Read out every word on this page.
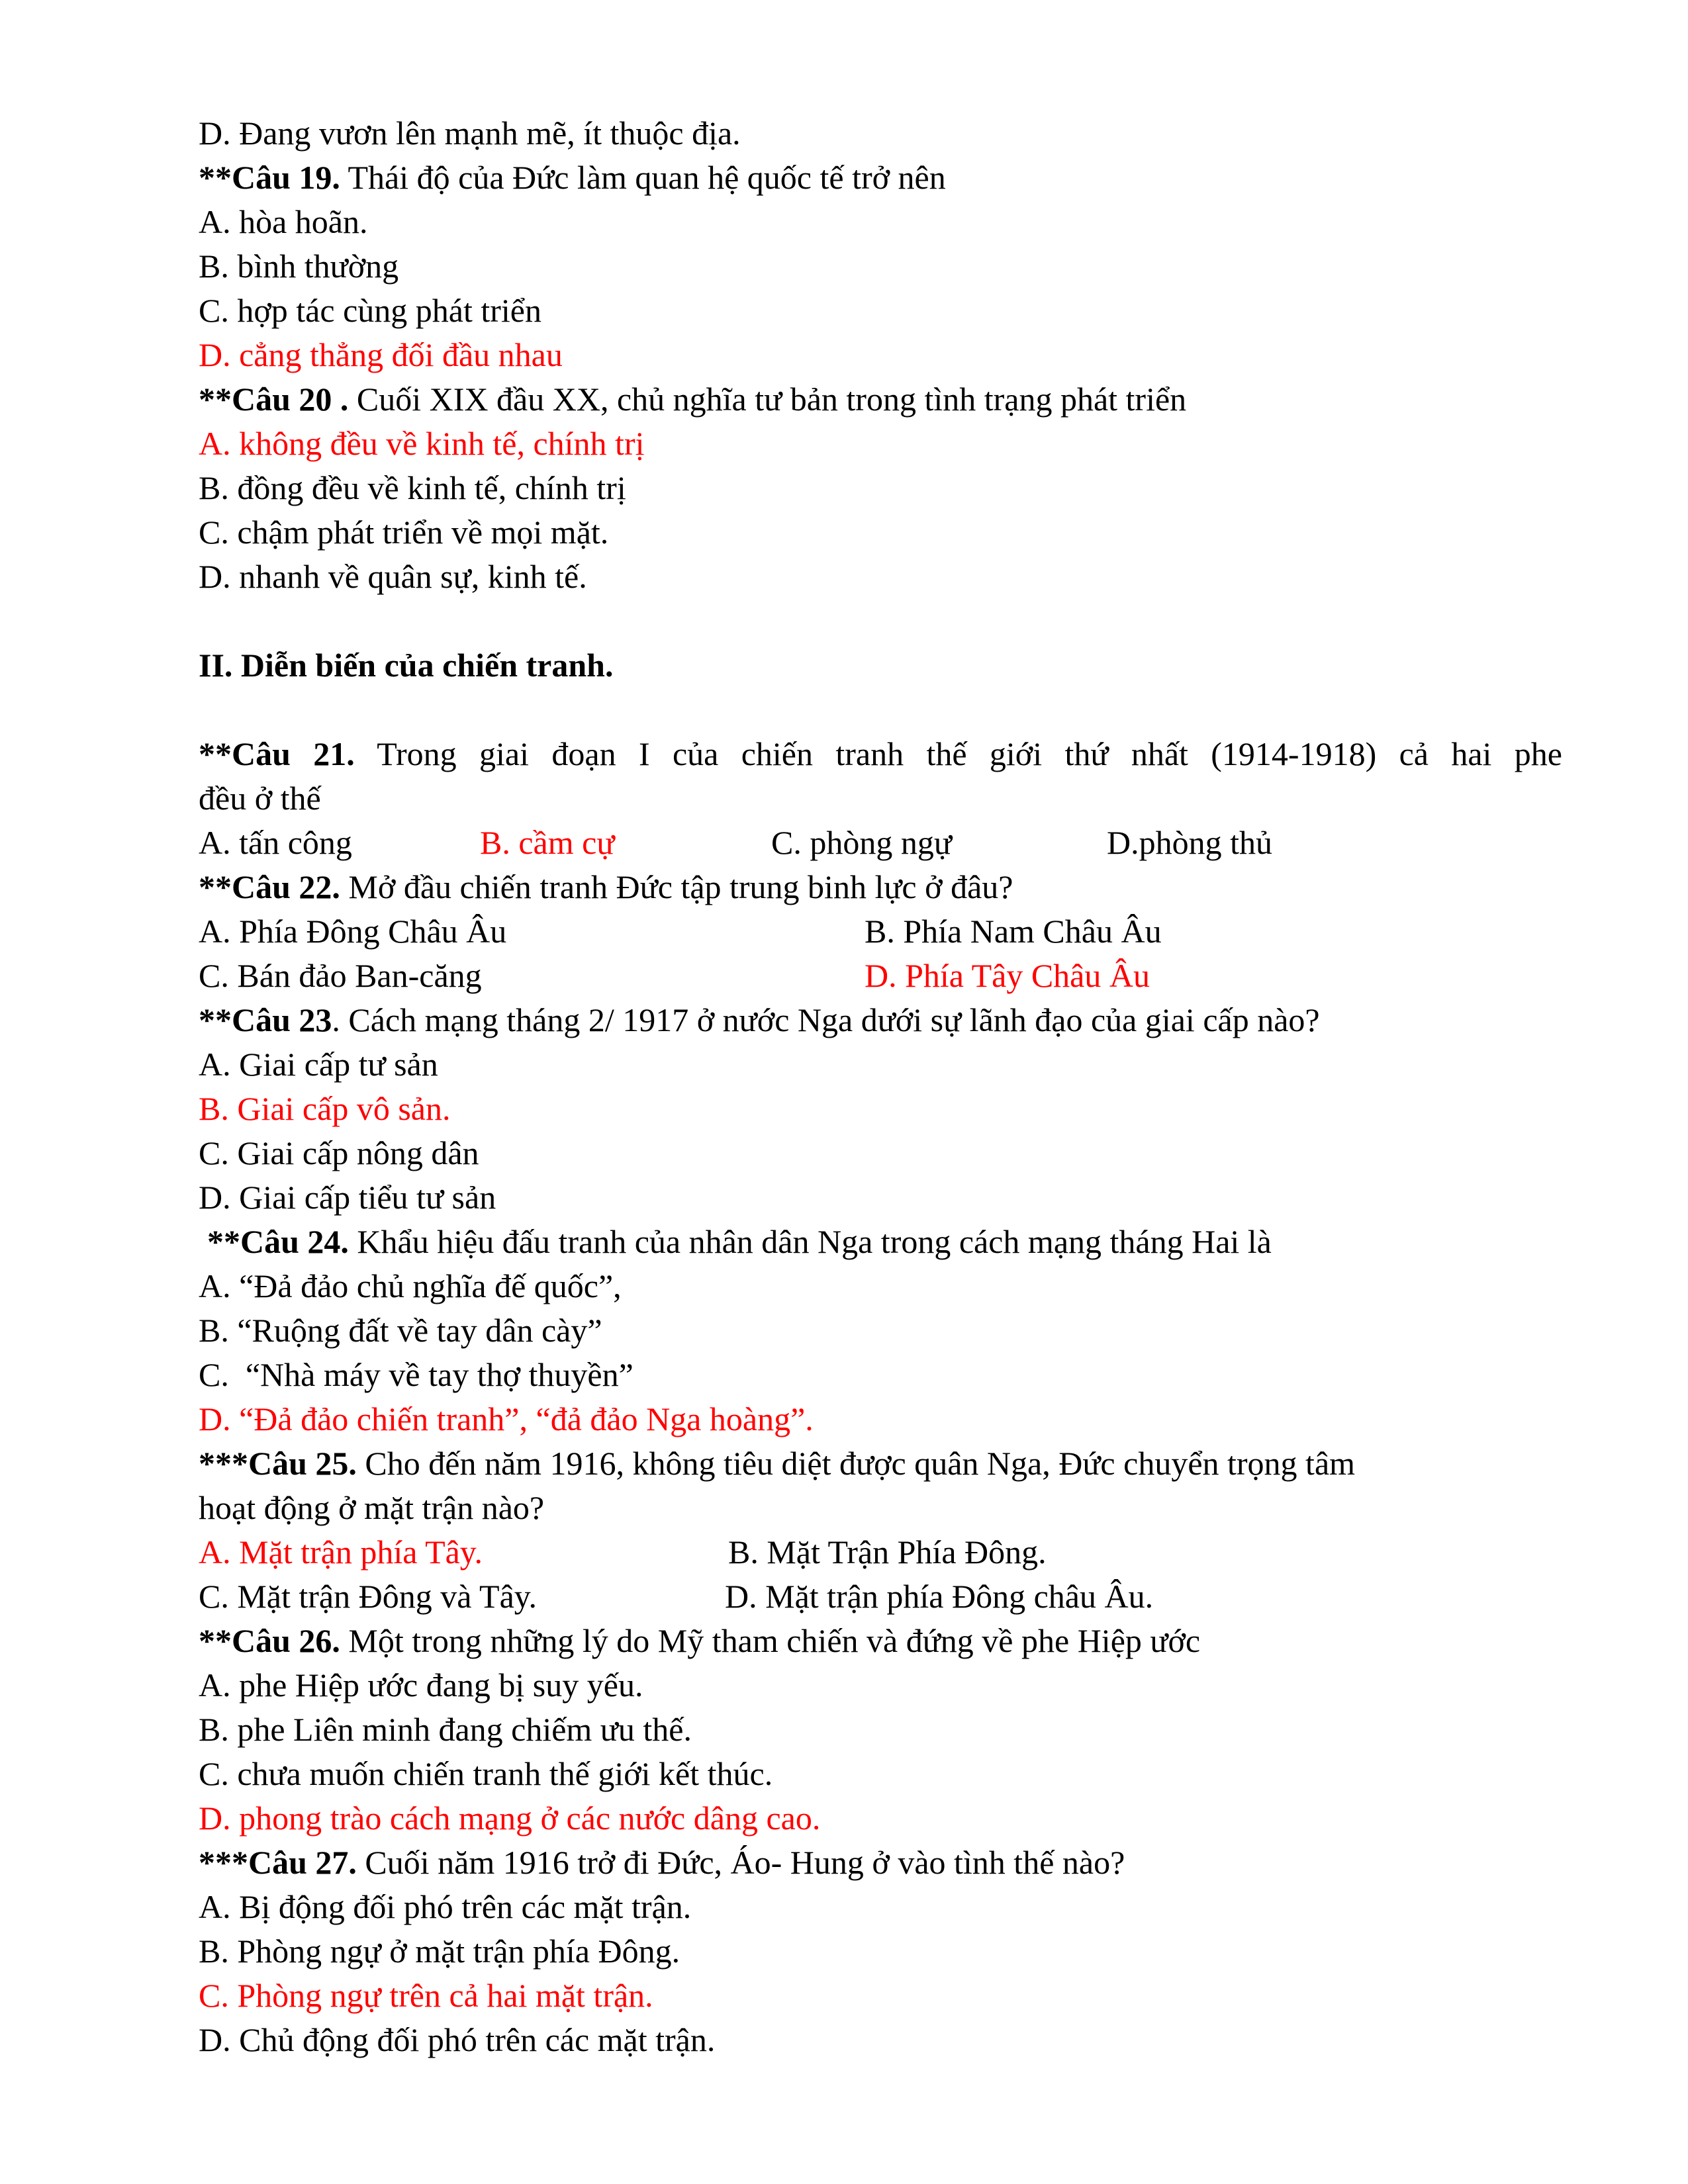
D. Đang vươn lên mạnh mẽ, ít thuộc địa.
**Câu 19. Thái độ của Đức làm quan hệ quốc tế trở nên
A. hòa hoãn.
B. bình thường
C. hợp tác cùng phát triển
D. cẳng thẳng đối đầu nhau
**Câu 20 . Cuối XIX đầu XX, chủ nghĩa tư bản trong tình trạng phát triển
A. không đều về kinh tế, chính trị
B. đồng đều về kinh tế, chính trị
C. chậm phát triển về mọi mặt.
D. nhanh về quân sự, kinh tế.
II. Diễn biến của chiến tranh.
**Câu 21. Trong giai đoạn I của chiến tranh thế giới thứ nhất (1914-1918) cả hai phe
đều ở thế
A. tấn công	B. cầm cự	C. phòng ngự	D.phòng thủ
**Câu 22. Mở đầu chiến tranh Đức tập trung binh lực ở đâu?
A. Phía Đông Châu Âu	B. Phía Nam Châu Âu
C. Bán đảo Ban-căng	D. Phía Tây Châu Âu
**Câu 23. Cách mạng tháng 2/ 1917 ở nước Nga dưới sự lãnh đạo của giai cấp nào?
A. Giai cấp tư sản
B. Giai cấp vô sản.
C. Giai cấp nông dân
D. Giai cấp tiểu tư sản
**Câu 24. Khẩu hiệu đấu tranh của nhân dân Nga trong cách mạng tháng Hai là
A. “Đả đảo chủ nghĩa đế quốc”,
B. “Ruộng đất về tay dân cày”
C.  “Nhà máy về tay thợ thuyền”
D. “Đả đảo chiến tranh”, “đả đảo Nga hoàng”.
***Câu 25. Cho đến năm 1916, không tiêu diệt được quân Nga, Đức chuyển trọng tâm
hoạt động ở mặt trận nào?
A. Mặt trận phía Tây.	B. Mặt Trận Phía Đông.
C. Mặt trận Đông và Tây.	D. Mặt trận phía Đông châu Âu.
**Câu 26. Một trong những lý do Mỹ tham chiến và đứng về phe Hiệp ước
A. phe Hiệp ước đang bị suy yếu.
B. phe Liên minh đang chiếm ưu thế.
C. chưa muốn chiến tranh thế giới kết thúc.
D. phong trào cách mạng ở các nước dâng cao.
***Câu 27. Cuối năm 1916 trở đi Đức, Áo- Hung ở vào tình thế nào?
A. Bị động đối phó trên các mặt trận.
B. Phòng ngự ở mặt trận phía Đông.
C. Phòng ngự trên cả hai mặt trận.
D. Chủ động đối phó trên các mặt trận.
